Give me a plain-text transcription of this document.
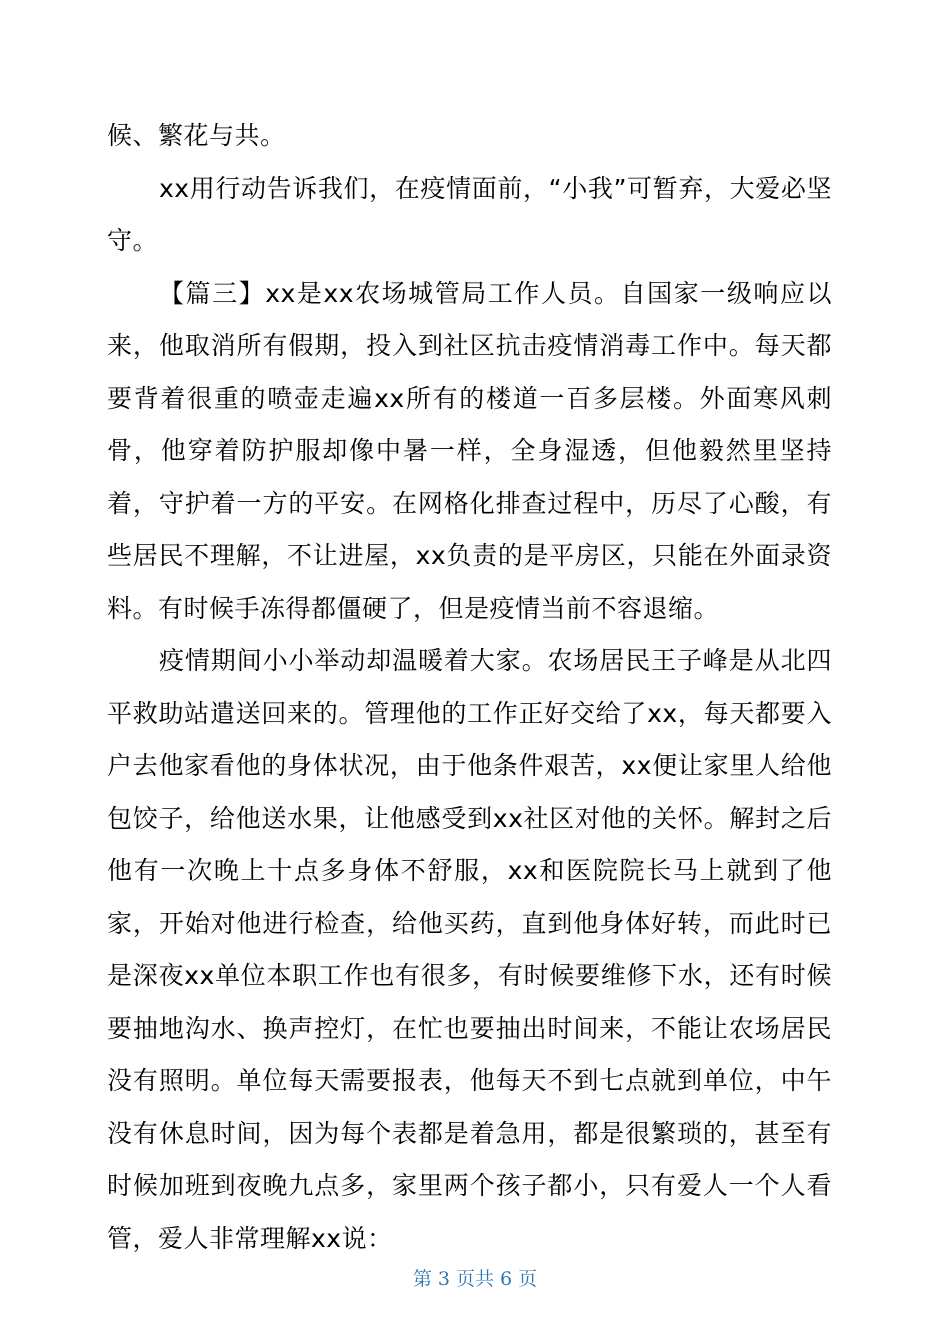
候、繁花与共。

xx用行动告诉我们，在疫情面前，“小我”可暂弃，大爱必坚守。

【篇三】xx是xx农场城管局工作人员。自国家一级响应以来，他取消所有假期，投入到社区抗击疫情消毒工作中。每天都要背着很重的喷壶走遍xx所有的楼道一百多层楼。外面寒风刺骨，他穿着防护服却像中暑一样，全身湿透，但他毅然里坚持着，守护着一方的平安。在网格化排查过程中，历尽了心酸，有些居民不理解，不让进屋，xx负责的是平房区，只能在外面录资料。有时候手冻得都僵硬了，但是疫情当前不容退缩。

疫情期间小小举动却温暖着大家。农场居民王子峰是从北四平救助站遣送回来的。管理他的工作正好交给了xx，每天都要入户去他家看他的身体状况，由于他条件艰苦，xx便让家里人给他包饺子，给他送水果，让他感受到xx社区对他的关怀。解封之后他有一次晚上十点多身体不舒服，xx和医院院长马上就到了他家，开始对他进行检查，给他买药，直到他身体好转，而此时已是深夜xx单位本职工作也有很多，有时候要维修下水，还有时候要抽地沟水、换声控灯，在忙也要抽出时间来，不能让农场居民没有照明。单位每天需要报表，他每天不到七点就到单位，中午没有休息时间，因为每个表都是着急用，都是很繁琐的，甚至有时候加班到夜晚九点多，家里两个孩子都小，只有爱人一个人看管，爱人非常理解xx说：

第 3 页共 6 页
